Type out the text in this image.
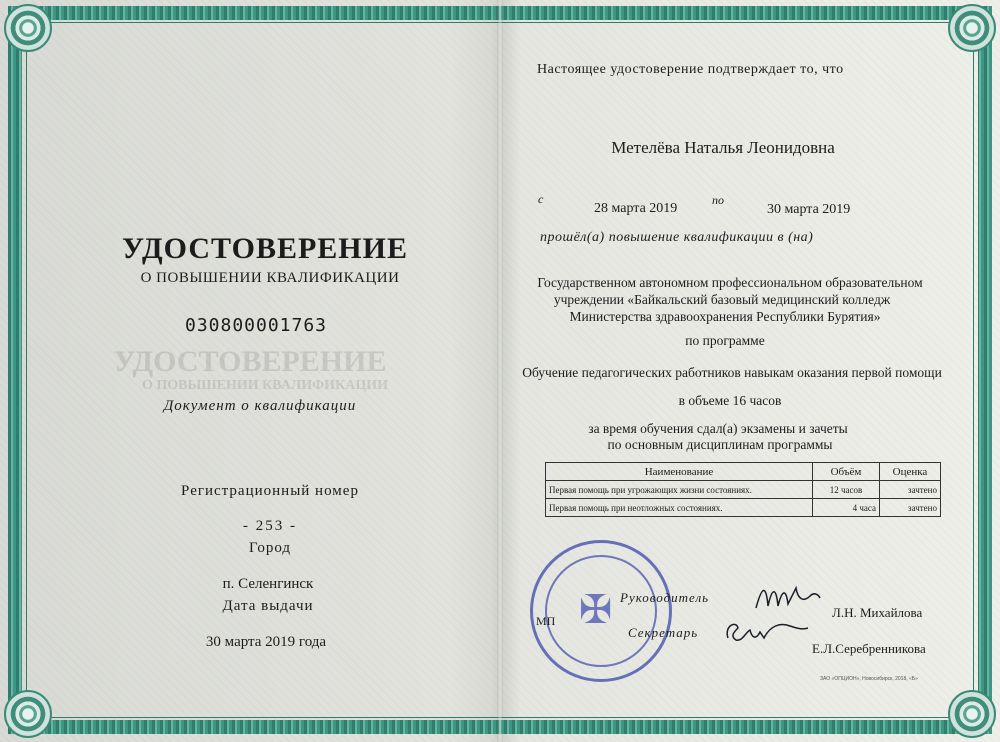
УДОСТОВЕРЕНИЕ
О ПОВЫШЕНИИ КВАЛИФИКАЦИИ
030800001763
УДОСТОВЕРЕНИЕ
О ПОВЫШЕНИИ КВАЛИФИКАЦИИ
Документ о квалификации
Регистрационный номер
- 253 -
Город
п. Селенгинск
Дата выдачи
30 марта 2019 года
Настоящее удостоверение подтверждает то, что
Метелёва Наталья Леонидовна
с
28 марта 2019
по
30 марта 2019
прошёл(а) повышение квалификации в (на)
Государственном автономном профессиональном образовательном
учреждении «Байкальский базовый медицинский колледж
Министерства здравоохранения Республики Бурятия»
по программе
Обучение педагогических работников навыкам оказания первой помощи
в объеме 16 часов
за время обучения сдал(а) экзамены и зачеты
по основным дисциплинам программы
Наименование	Объём	Оценка
Первая помощь при угрожающих жизни состояниях.	12 часов	зачтено
Первая помощь при неотложных состояниях.	4 часа	зачтено
✠
МП
Руководитель
Л.Н. Михайлова
Секретарь
Е.Л.Серебренникова
ЗАО «ОПЦИОН», Новосибирск, 2018, «Б»
